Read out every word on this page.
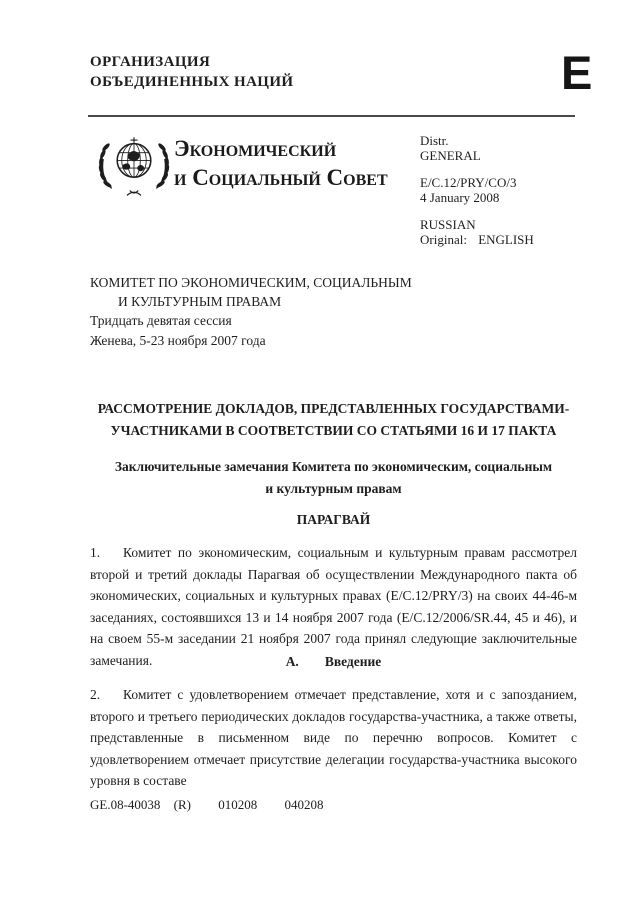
ОРГАНИЗАЦИЯ
ОБЪЕДИНЕННЫХ НАЦИЙ	E
Экономический
и Социальный Совет
Distr.
GENERAL
E/C.12/PRY/CO/3
4 January 2008
RUSSIAN
Original: ENGLISH
КОМИТЕТ ПО ЭКОНОМИЧЕСКИМ, СОЦИАЛЬНЫМ
И КУЛЬТУРНЫМ ПРАВАМ
Тридцать девятая сессия
Женева, 5-23 ноября 2007 года
РАССМОТРЕНИЕ ДОКЛАДОВ, ПРЕДСТАВЛЕННЫХ ГОСУДАРСТВАМИ-
УЧАСТНИКАМИ В СООТВЕТСТВИИ СО СТАТЬЯМИ 16 И 17 ПАКТА
Заключительные замечания Комитета по экономическим, социальным
и культурным правам
ПАРАГВАЙ
1. Комитет по экономическим, социальным и культурным правам рассмотрел второй и третий доклады Парагвая об осуществлении Международного пакта об экономических, социальных и культурных правах (E/C.12/PRY/3) на своих 44-46-м заседаниях, состоявшихся 13 и 14 ноября 2007 года (E/C.12/2006/SR.44, 45 и 46), и на своем 55-м заседании 21 ноября 2007 года принял следующие заключительные замечания.	А. Введение
2. Комитет с удовлетворением отмечает представление, хотя и с запозданием, второго и третьего периодических докладов государства-участника, а также ответы, представленные в письменном виде по перечню вопросов. Комитет с удовлетворением отмечает присутствие делегации государства-участника высокого уровня в составе
GE.08-40038 (R) 010208 040208
